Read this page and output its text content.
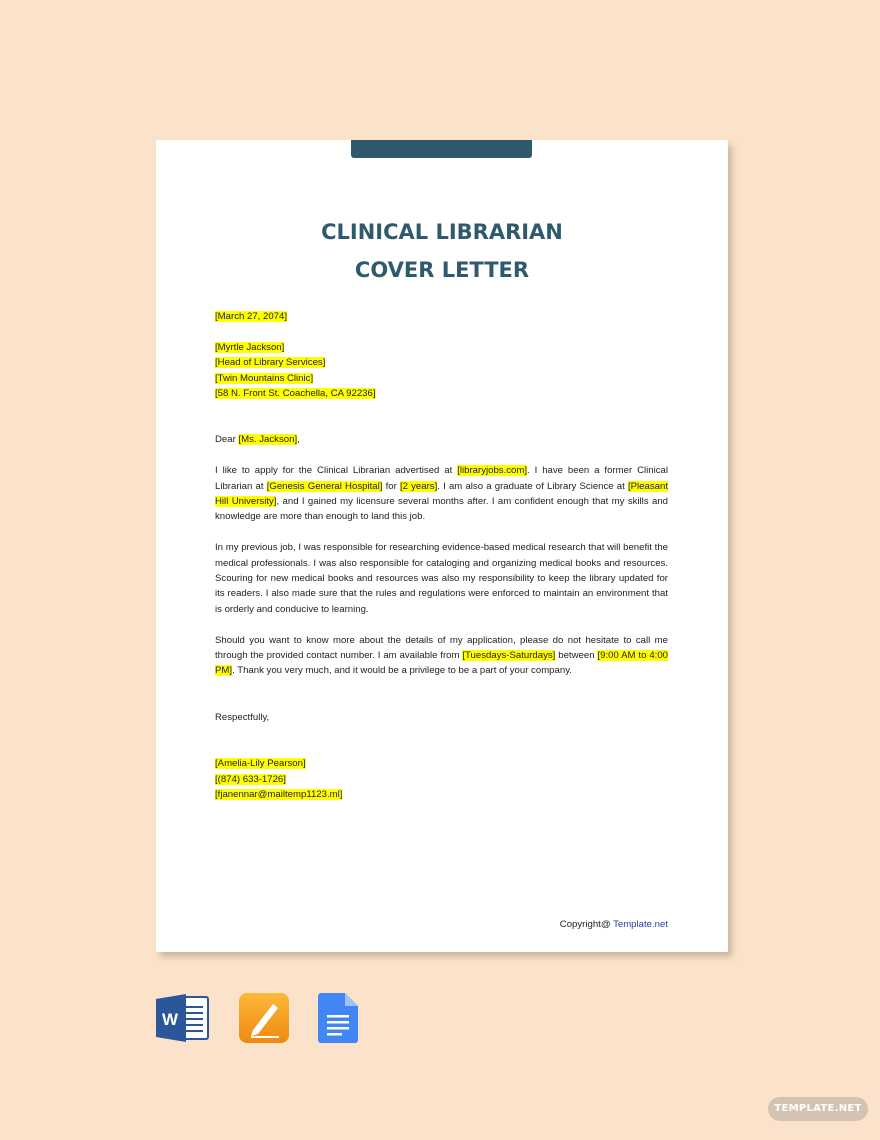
CLINICAL LIBRARIAN
COVER LETTER

[March 27, 2074]

[Myrtle Jackson]

[Head of Library Services]

[Twin Mountains Clinic]

[58 N. Front St. Coachella, CA 92236]

Dear [Ms. Jackson],

I like to apply for the Clinical Librarian advertised at [libraryjobs.com]. I have been a former Clinical Librarian at [Genesis General Hospital] for [2 years]. I am also a graduate of Library Science at [Pleasant Hill University], and I gained my licensure several months after. I am confident enough that my skills and knowledge are more than enough to land this job.

In my previous job, I was responsible for researching evidence-based medical research that will benefit the medical professionals. I was also responsible for cataloging and organizing medical books and resources. Scouring for new medical books and resources was also my responsibility to keep the library updated for its readers. I also made sure that the rules and regulations were enforced to maintain an environment that is orderly and conducive to learning.

Should you want to know more about the details of my application, please do not hesitate to call me through the provided contact number. I am available from [Tuesdays-Saturdays] between [9:00 AM to 4:00 PM]. Thank you very much, and it would be a privilege to be a part of your company.

Respectfully,

[Amelia-Lily Pearson]

[(874) 633-1726]

[fjanennar@mailtemp1123.ml]

Copyright@ Template.net
W
TEMPLATE.NET
